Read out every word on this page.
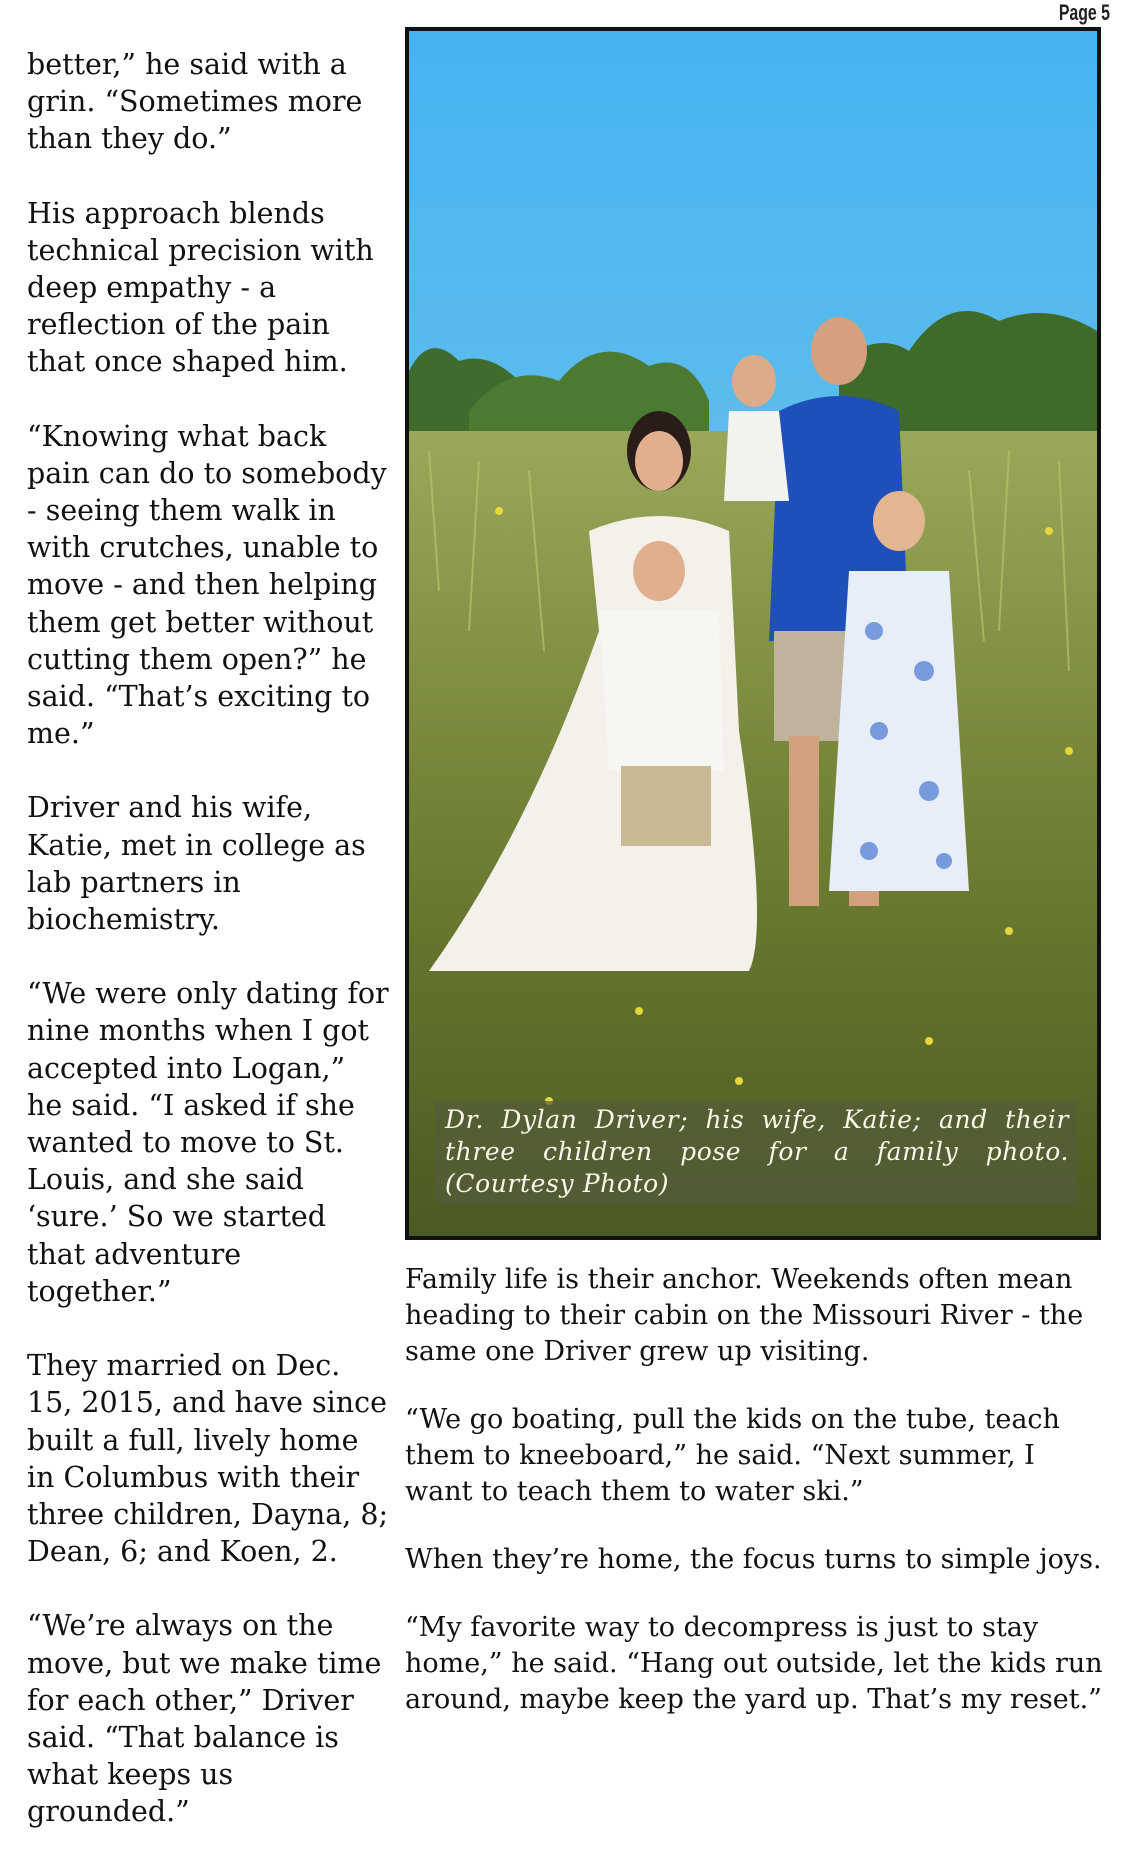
Page 5

better,” he said with a grin. “Sometimes more than they do.”

His approach blends technical precision with deep empathy - a reflection of the pain that once shaped him.

“Knowing what back pain can do to somebody - seeing them walk in with crutches, unable to move - and then helping them get better without cutting them open?” he said. “That’s exciting to me.”

Driver and his wife, Katie, met in college as lab partners in biochemistry.

“We were only dating for nine months when I got accepted into Logan,” he said. “I asked if she wanted to move to St. Louis, and she said ‘sure.’ So we started that adventure together.”

They married on Dec. 15, 2015, and have since built a full, lively home in Columbus with their three children, Dayna, 8; Dean, 6; and Koen, 2.

“We’re always on the move, but we make time for each other,” Driver said. “That balance is what keeps us grounded.”

Dr. Dylan Driver; his wife, Katie; and their three children pose for a family photo. (Courtesy Photo)

Family life is their anchor. Weekends often mean heading to their cabin on the Missouri River - the same one Driver grew up visiting.

“We go boating, pull the kids on the tube, teach them to kneeboard,” he said. “Next summer, I want to teach them to water ski.”

When they’re home, the focus turns to simple joys.

“My favorite way to decompress is just to stay home,” he said. “Hang out outside, let the kids run around, maybe keep the yard up. That’s my reset.”
